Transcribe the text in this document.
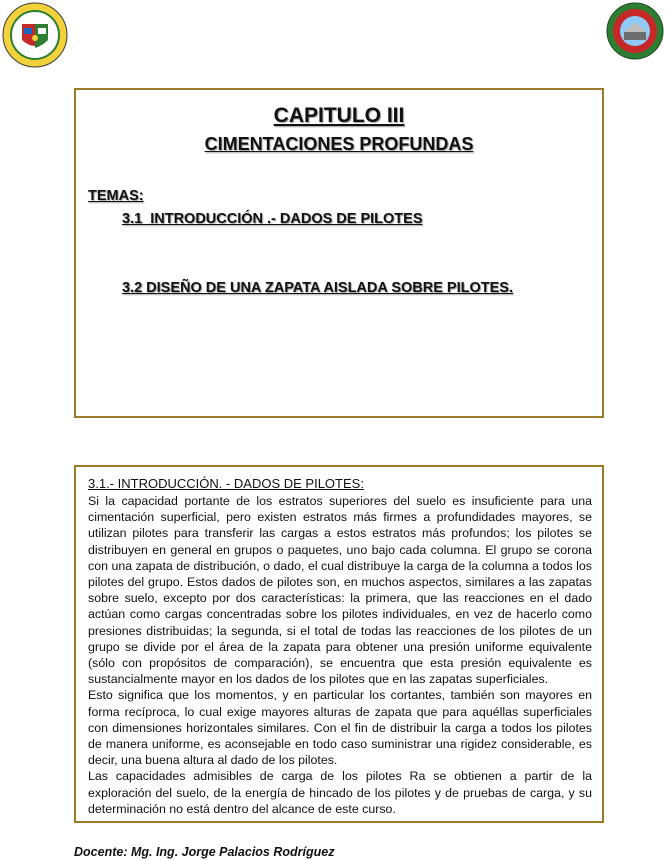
CAPITULO III
CIMENTACIONES PROFUNDAS
TEMAS:
3.1  INTRODUCCIÓN .- DADOS DE PILOTES
3.2 DISEÑO DE UNA ZAPATA AISLADA SOBRE PILOTES.
3.1.- INTRODUCCIÓN. - DADOS DE PILOTES:

Si la capacidad portante de los estratos superiores del suelo es insuficiente para una cimentación superficial, pero existen estratos más firmes a profundidades mayores, se utilizan pilotes para transferir las cargas a estos estratos más profundos; los pilotes se distribuyen en general en grupos o paquetes, uno bajo cada columna. El grupo se corona con una zapata de distribución, o dado, el cual distribuye la carga de la columna a todos los pilotes del grupo. Estos dados de pilotes son, en muchos aspectos, similares a las zapatas sobre suelo, excepto por dos características: la primera, que las reacciones en el dado actúan como cargas concentradas sobre los pilotes individuales, en vez de hacerlo como presiones distribuidas; la segunda, si el total de todas las reacciones de los pilotes de un grupo se divide por el área de la zapata para obtener una presión uniforme equivalente (sólo con propósitos de comparación), se encuentra que esta presión equivalente es sustancialmente mayor en los dados de los pilotes que en las zapatas superficiales.

Esto significa que los momentos, y en particular los cortantes, también son mayores en forma recíproca, lo cual exige mayores alturas de zapata que para aquéllas superficiales con dimensiones horizontales similares. Con el fin de distribuir la carga a todos los pilotes de manera uniforme, es aconsejable en todo caso suministrar una rigidez considerable, es decir, una buena altura al dado de los pilotes.

Las capacidades admisibles de carga de los pilotes Ra se obtienen a partir de la exploración del suelo, de la energía de hincado de los pilotes y de pruebas de carga, y su determinación no está dentro del alcance de este curso.

Docente: Mg. Ing. Jorge Palacios Rodríguez
